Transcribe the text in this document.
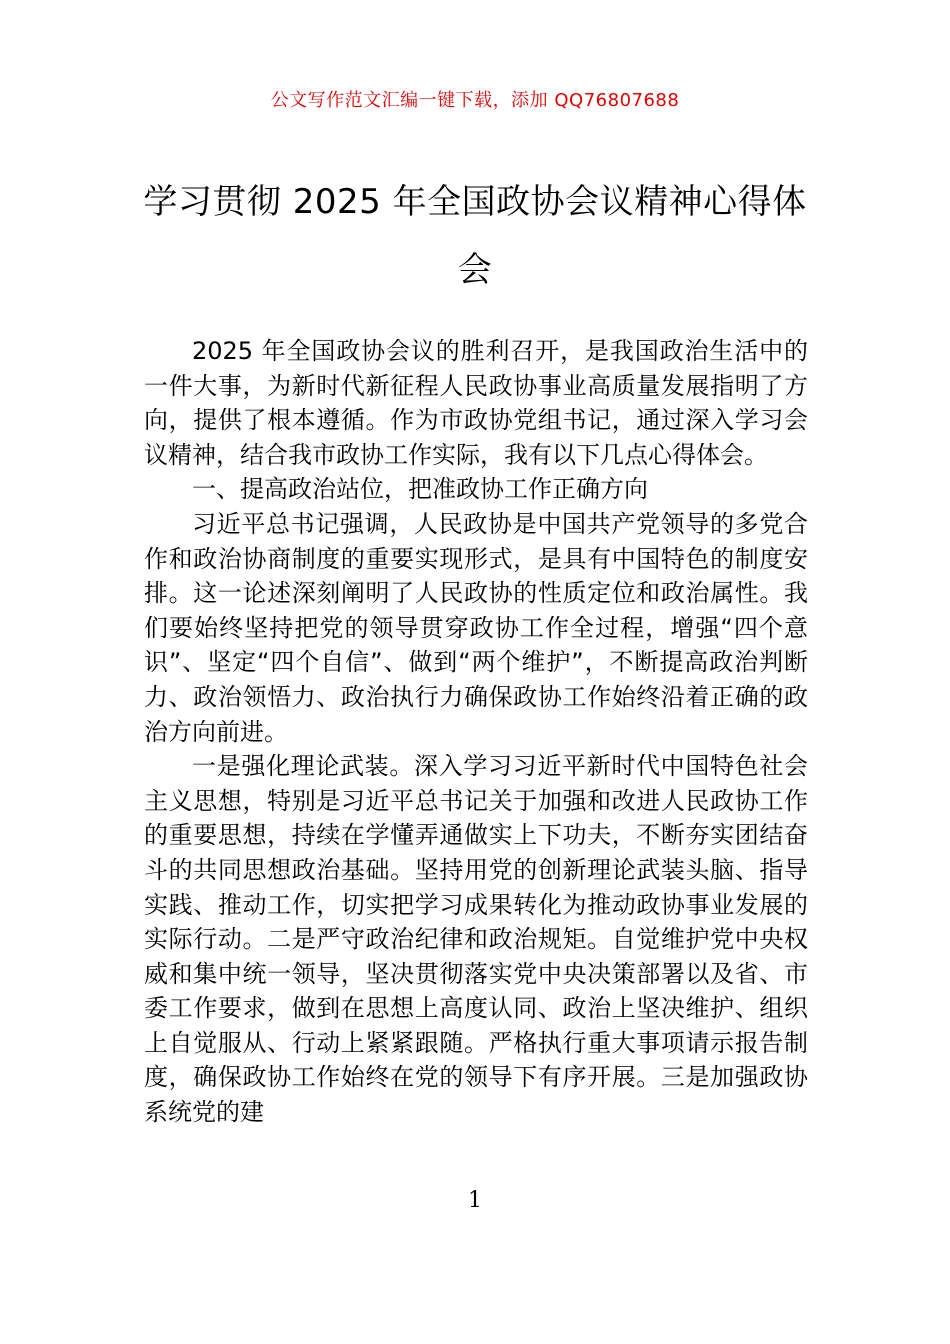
公文写作范文汇编一键下载，添加 QQ76807688
学习贯彻 2025 年全国政协会议精神心得体会

2025 年全国政协会议的胜利召开，是我国政治生活中的一件大事，为新时代新征程人民政协事业高质量发展指明了方向，提供了根本遵循。作为市政协党组书记，通过深入学习会议精神，结合我市政协工作实际，我有以下几点心得体会。

一、提高政治站位，把准政协工作正确方向

习近平总书记强调，人民政协是中国共产党领导的多党合作和政治协商制度的重要实现形式，是具有中国特色的制度安排。这一论述深刻阐明了人民政协的性质定位和政治属性。我们要始终坚持把党的领导贯穿政协工作全过程，增强“四个意识”、坚定“四个自信”、做到“两个维护”，不断提高政治判断力、政治领悟力、政治执行力确保政协工作始终沿着正确的政治方向前进。

一是强化理论武装。深入学习习近平新时代中国特色社会主义思想，特别是习近平总书记关于加强和改进人民政协工作的重要思想，持续在学懂弄通做实上下功夫，不断夯实团结奋斗的共同思想政治基础。坚持用党的创新理论武装头脑、指导实践、推动工作，切实把学习成果转化为推动政协事业发展的实际行动。二是严守政治纪律和政治规矩。自觉维护党中央权威和集中统一领导，坚决贯彻落实党中央决策部署以及省、市委工作要求，做到在思想上高度认同、政治上坚决维护、组织上自觉服从、行动上紧紧跟随。严格执行重大事项请示报告制度，确保政协工作始终在党的领导下有序开展。三是加强政协系统党的建

1
